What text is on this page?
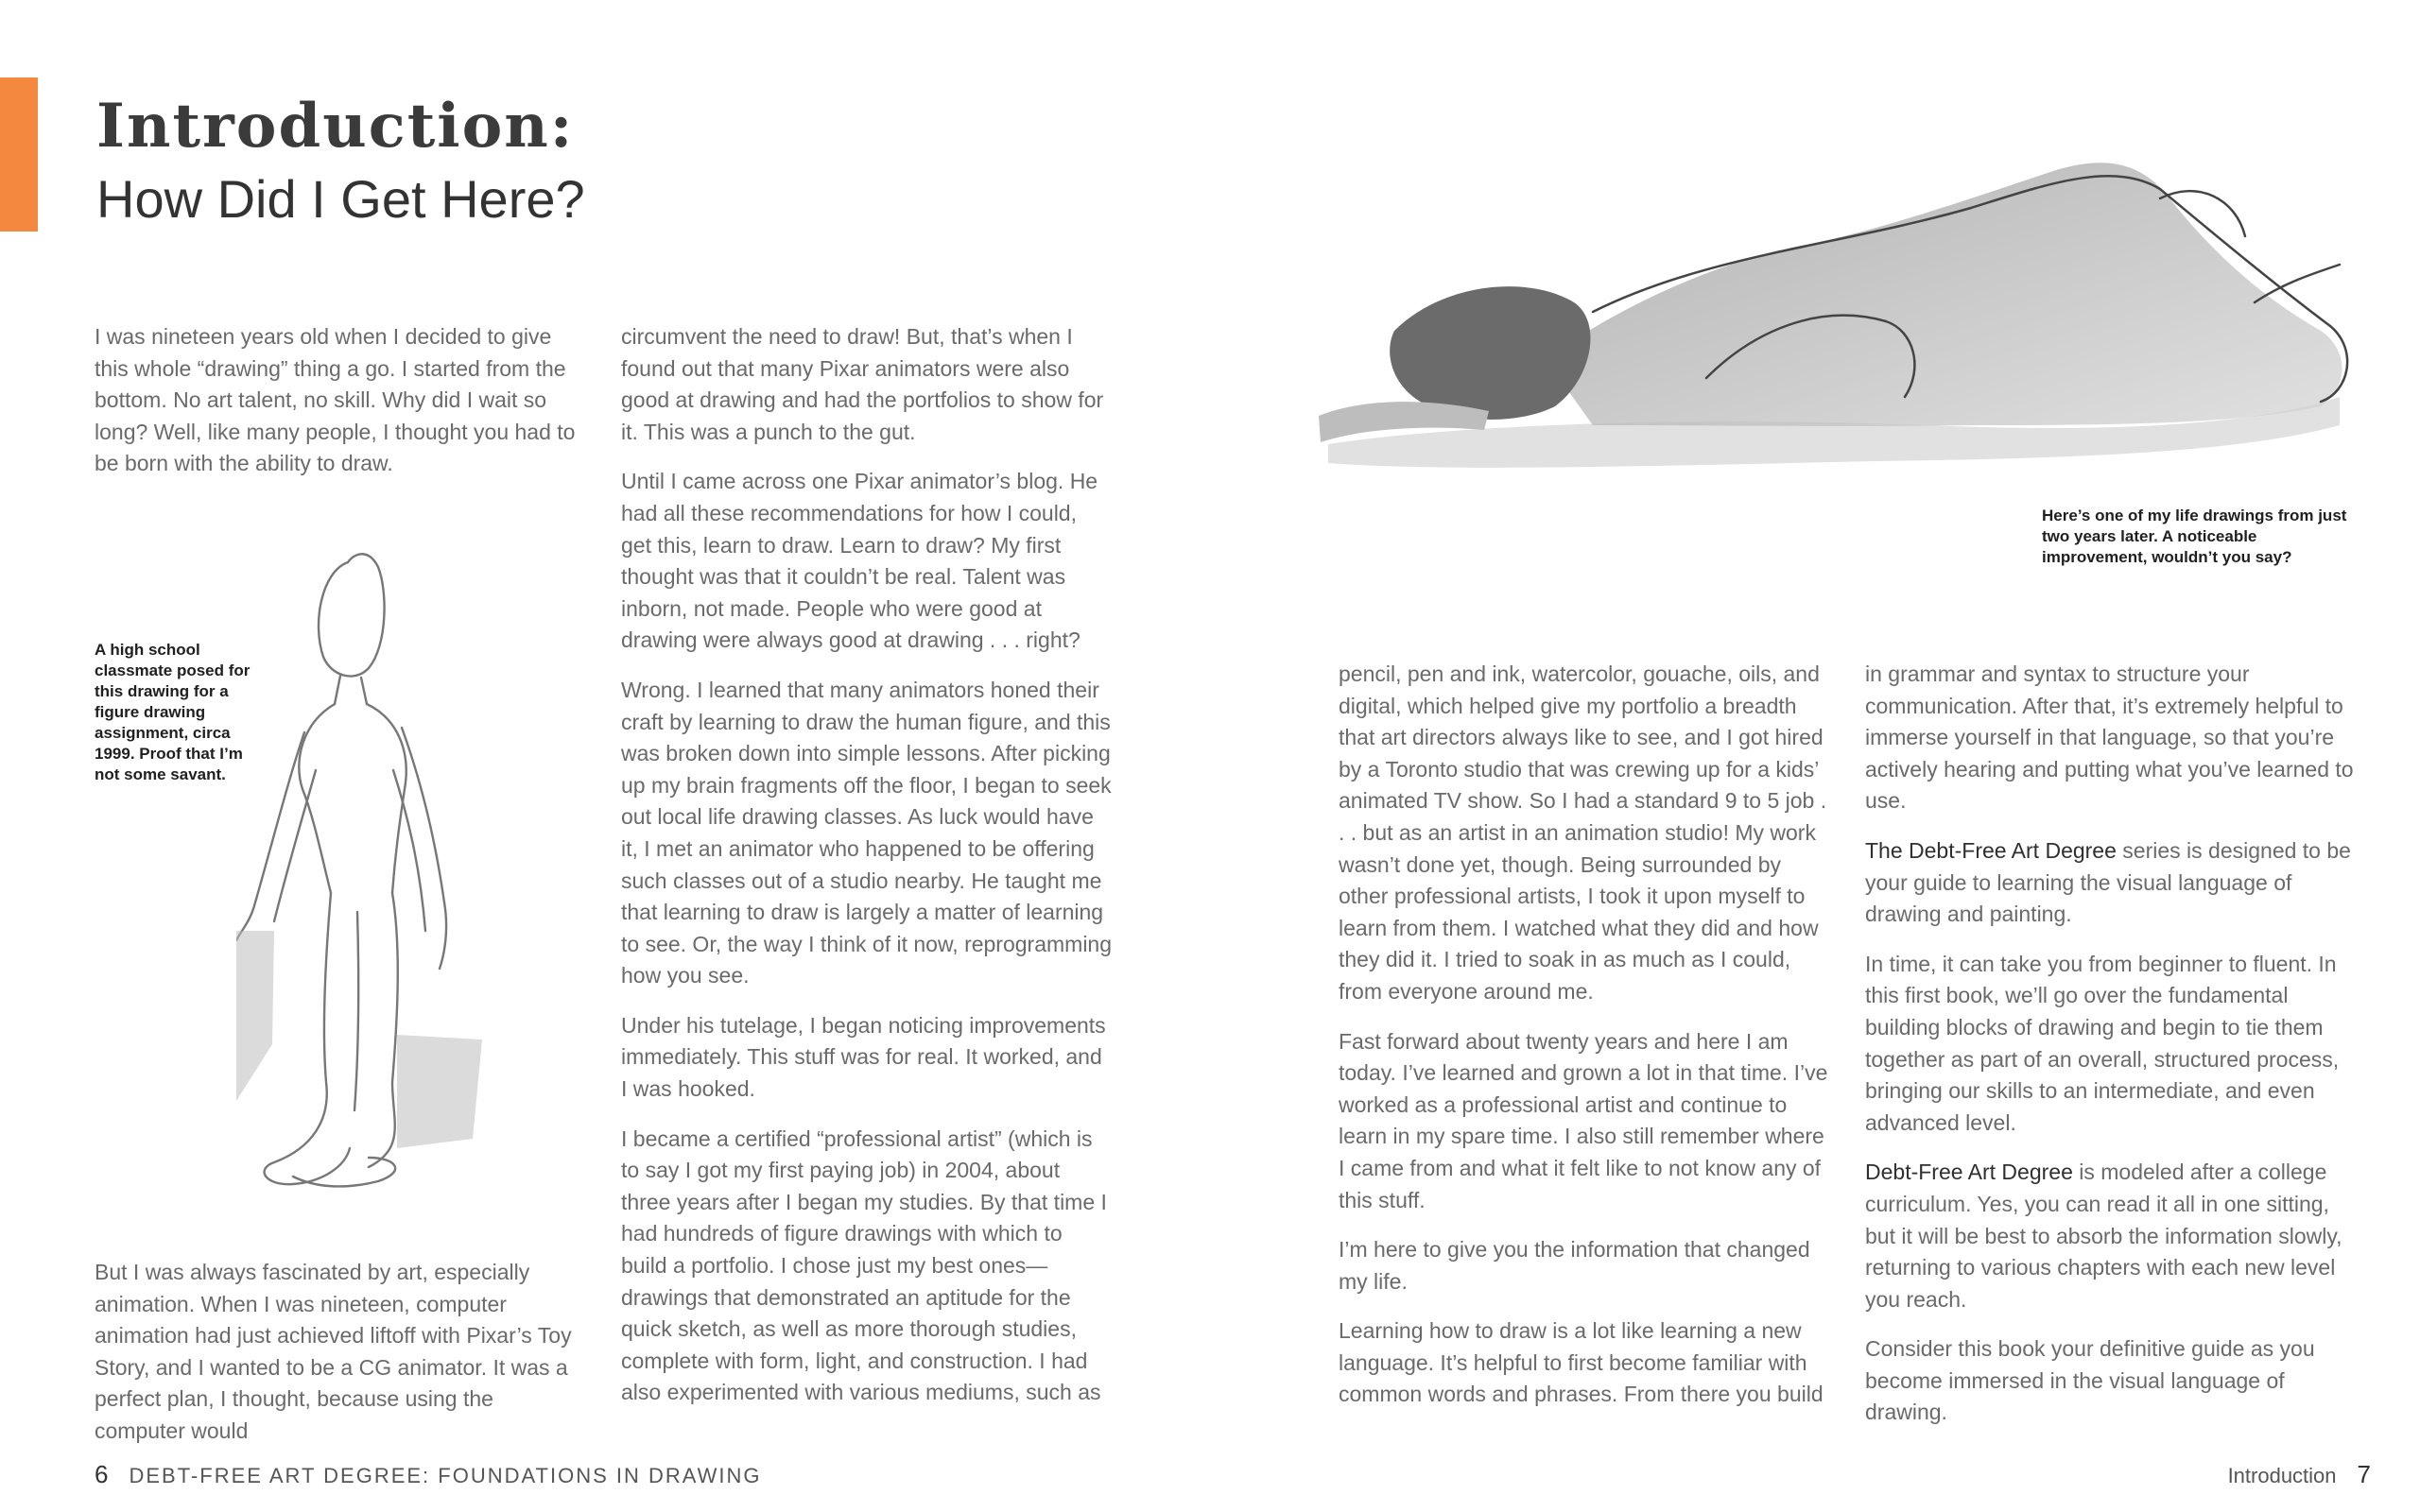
Introduction:
How Did I Get Here?

I was nineteen years old when I decided to give this whole “drawing” thing a go. I started from the bottom. No art talent, no skill. Why did I wait so long? Well, like many people, I thought you had to be born with the ability to draw.

A high school classmate posed for this drawing for a figure drawing assignment, circa 1999. Proof that I’m not some savant.

But I was always fascinated by art, especially animation. When I was nineteen, computer animation had just achieved liftoff with Pixar’s Toy Story, and I wanted to be a CG animator. It was a perfect plan, I thought, because using the computer would

circumvent the need to draw! But, that’s when I found out that many Pixar animators were also good at drawing and had the portfolios to show for it. This was a punch to the gut.

Until I came across one Pixar animator’s blog. He had all these recommendations for how I could, get this, learn to draw. Learn to draw? My first thought was that it couldn’t be real. Talent was inborn, not made. People who were good at drawing were always good at drawing . . . right?

Wrong. I learned that many animators honed their craft by learning to draw the human figure, and this was broken down into simple lessons. After picking up my brain fragments off the floor, I began to seek out local life drawing classes. As luck would have it, I met an animator who happened to be offering such classes out of a studio nearby. He taught me that learning to draw is largely a matter of learning to see. Or, the way I think of it now, reprogramming how you see.

Under his tutelage, I began noticing improvements immediately. This stuff was for real. It worked, and I was hooked.

I became a certified “professional artist” (which is to say I got my first paying job) in 2004, about three years after I began my studies. By that time I had hundreds of figure drawings with which to build a portfolio. I chose just my best ones—drawings that demonstrated an aptitude for the quick sketch, as well as more thorough studies, complete with form, light, and construction. I had also experimented with various mediums, such as

Here’s one of my life drawings from just two years later. A noticeable improvement, wouldn’t you say?

pencil, pen and ink, watercolor, gouache, oils, and digital, which helped give my portfolio a breadth that art directors always like to see, and I got hired by a Toronto studio that was crewing up for a kids’ animated TV show. So I had a standard 9 to 5 job . . . but as an artist in an animation studio! My work wasn’t done yet, though. Being surrounded by other professional artists, I took it upon myself to learn from them. I watched what they did and how they did it. I tried to soak in as much as I could, from everyone around me.

Fast forward about twenty years and here I am today. I’ve learned and grown a lot in that time. I’ve worked as a professional artist and continue to learn in my spare time. I also still remember where I came from and what it felt like to not know any of this stuff.

I’m here to give you the information that changed my life.

Learning how to draw is a lot like learning a new language. It’s helpful to first become familiar with common words and phrases. From there you build

in grammar and syntax to structure your communication. After that, it’s extremely helpful to immerse yourself in that language, so that you’re actively hearing and putting what you’ve learned to use.

The Debt-Free Art Degree series is designed to be your guide to learning the visual language of drawing and painting.

In time, it can take you from beginner to fluent. In this first book, we’ll go over the fundamental building blocks of drawing and begin to tie them together as part of an overall, structured process, bringing our skills to an intermediate, and even advanced level.

Debt-Free Art Degree is modeled after a college curriculum. Yes, you can read it all in one sitting, but it will be best to absorb the information slowly, returning to various chapters with each new level you reach.

Consider this book your definitive guide as you become immersed in the visual language of drawing.

6 DEBT-FREE ART DEGREE: FOUNDATIONS IN DRAWING	Introduction 7
